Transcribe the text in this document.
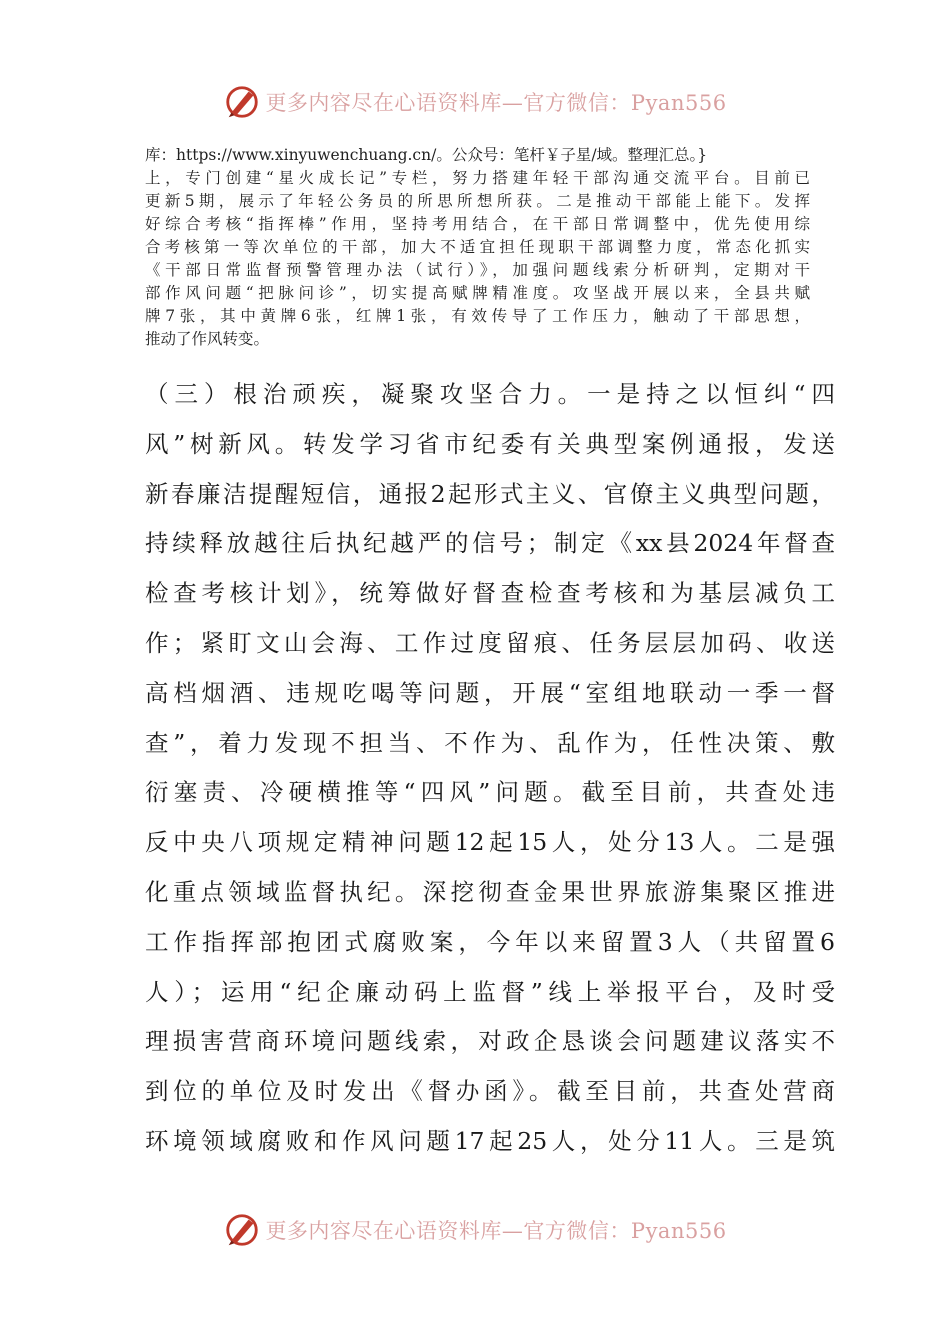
更多内容尽在心语资料库—官方微信：Pyan556
库：https://www.xinyuwenchuang.cn/。公众号：笔杆￥子星/域。整理汇总。}
上，专门创建“星火成长记”专栏，努力搭建年轻干部沟通交流平台。目前已
更新5期，展示了年轻公务员的所思所想所获。二是推动干部能上能下。发挥
好综合考核“指挥棒”作用，坚持考用结合，在干部日常调整中，优先使用综
合考核第一等次单位的干部，加大不适宜担任现职干部调整力度，常态化抓实
《干部日常监督预警管理办法（试行）》，加强问题线索分析研判，定期对干
部作风问题“把脉问诊”，切实提高赋牌精准度。攻坚战开展以来，全县共赋
牌7张，其中黄牌6张，红牌1张，有效传导了工作压力，触动了干部思想，
推动了作风转变。
（三）根治顽疾，凝聚攻坚合力。一是持之以恒纠“四
风”树新风。转发学习省市纪委有关典型案例通报，发送
新春廉洁提醒短信，通报2起形式主义、官僚主义典型问题，
持续释放越往后执纪越严的信号；制定《xx县2024年督查
检查考核计划》，统筹做好督查检查考核和为基层减负工
作；紧盯文山会海、工作过度留痕、任务层层加码、收送
高档烟酒、违规吃喝等问题，开展“室组地联动一季一督
查”，着力发现不担当、不作为、乱作为，任性决策、敷
衍塞责、冷硬横推等“四风”问题。截至目前，共查处违
反中央八项规定精神问题12起15人，处分13人。二是强
化重点领域监督执纪。深挖彻查金果世界旅游集聚区推进
工作指挥部抱团式腐败案，今年以来留置3人（共留置6
人）；运用“纪企廉动码上监督”线上举报平台，及时受
理损害营商环境问题线索，对政企恳谈会问题建议落实不
到位的单位及时发出《督办函》。截至目前，共查处营商
环境领域腐败和作风问题17起25人，处分11人。三是筑
更多内容尽在心语资料库—官方微信：Pyan556
